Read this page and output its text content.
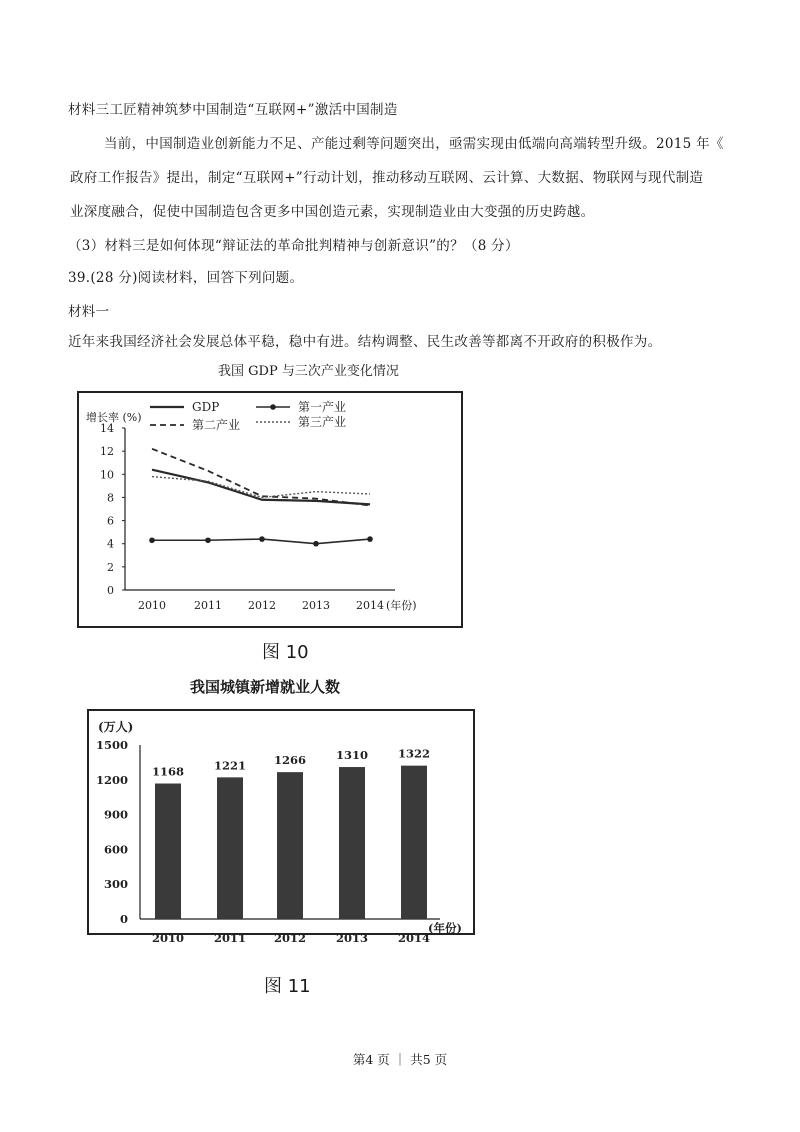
材料三工匠精神筑梦中国制造“互联网+”激活中国制造
当前，中国制造业创新能力不足、产能过剩等问题突出，亟需实现由低端向高端转型升级。2015 年《
政府工作报告》提出，制定“互联网+”行动计划，推动移动互联网、云计算、大数据、物联网与现代制造
业深度融合，促使中国制造包含更多中国创造元素，实现制造业由大变强的历史跨越。
（3）材料三是如何体现“辩证法的革命批判精神与创新意识”的？（8 分）
39.(28 分)阅读材料，回答下列问题。
材料一
近年来我国经济社会发展总体平稳，稳中有进。结构调整、民生改善等都离不开政府的积极作为。
我国 GDP 与三次产业变化情况
增长率 (%)
0
2
4
6
8
10
12
14
2010	2011 2012 2013 2014 (年份)
GDP	第一产业
第二产业	第三产业
图 10
我国城镇新增就业人数
(万人)
0
300
600
900
1200
1500
1168
2010
1221
2011
1266
2012
1310
2013
1322
2014
(年份)
图 11
第4 页 ｜ 共5 页
